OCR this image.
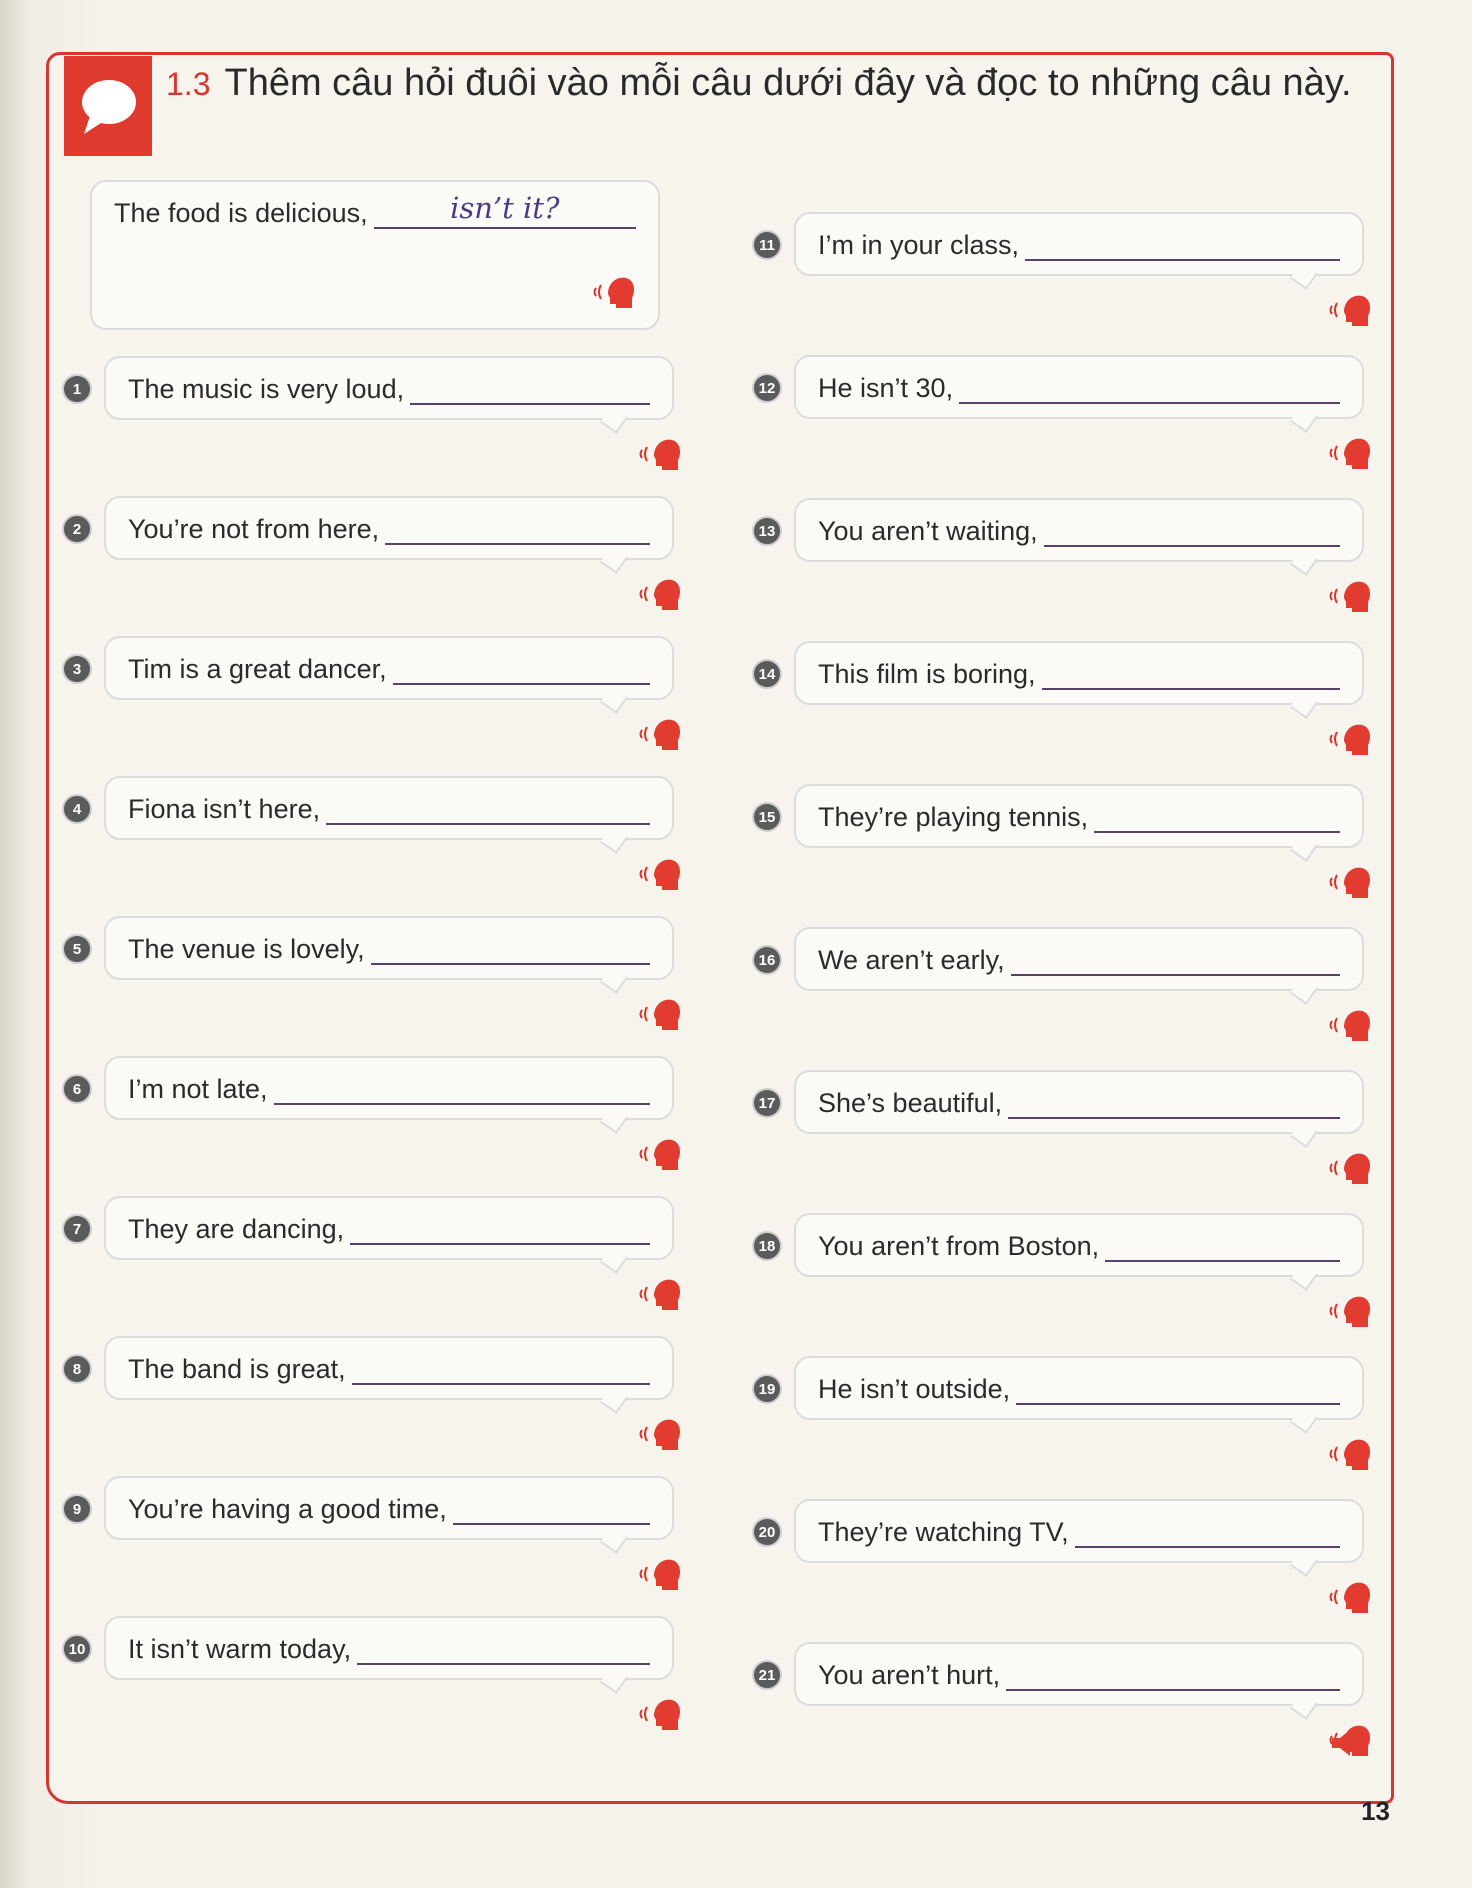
1.3 Thêm câu hỏi đuôi vào mỗi câu dưới đây và đọc to những câu này.
The food is delicious,	isn’t it?
1	The music is very loud,
2	You’re not from here,
3	Tim is a great dancer,
4	Fiona isn’t here,
5	The venue is lovely,
6	I’m not late,
7	They are dancing,
8	The band is great,
9	You’re having a good time,
10 It isn’t warm today,
11 I’m in your class,
12 He isn’t 30,
13 You aren’t waiting,
14 This film is boring,
15 They’re playing tennis,
16 We aren’t early,
17 She’s beautiful,
18 You aren’t from Boston,
19 He isn’t outside,
20 They’re watching TV,
21 You aren’t hurt,
13
